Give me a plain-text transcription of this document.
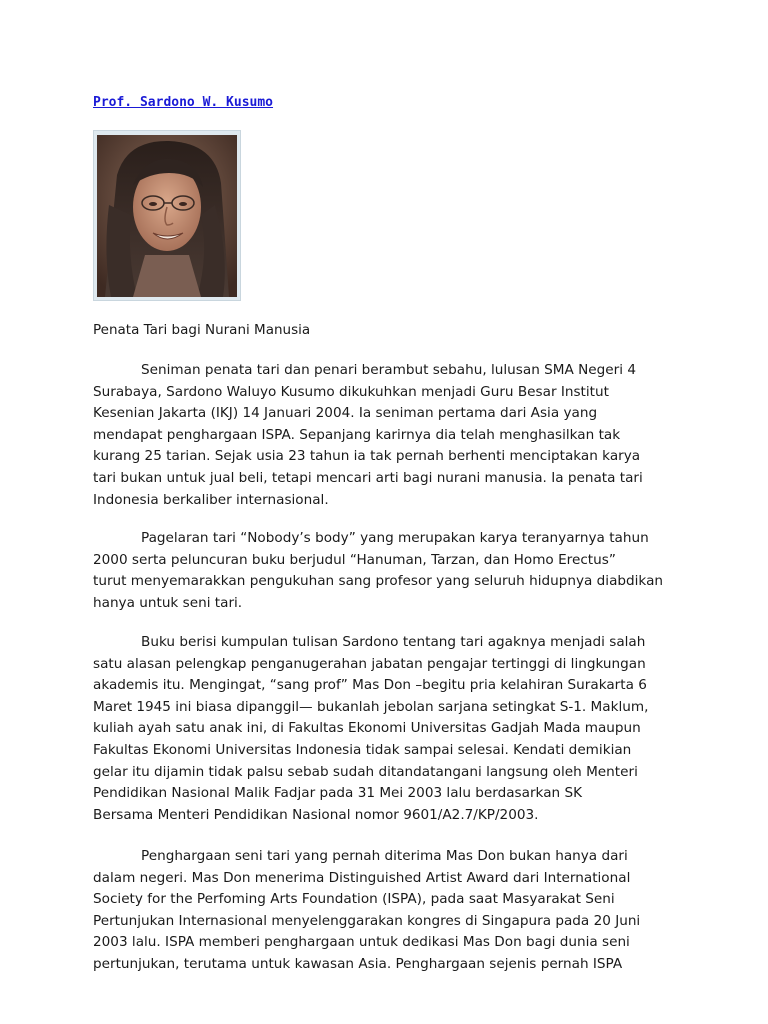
Prof. Sardono W. Kusumo
Penata Tari bagi Nurani Manusia
Seniman penata tari dan penari berambut sebahu, lulusan SMA Negeri 4
Surabaya, Sardono Waluyo Kusumo dikukuhkan menjadi Guru Besar Institut
Kesenian Jakarta (IKJ) 14 Januari 2004. Ia seniman pertama dari Asia yang
mendapat penghargaan ISPA. Sepanjang karirnya dia telah menghasilkan tak
kurang 25 tarian. Sejak usia 23 tahun ia tak pernah berhenti menciptakan karya
tari bukan untuk jual beli, tetapi mencari arti bagi nurani manusia. Ia penata tari
Indonesia berkaliber internasional.
Pagelaran tari “Nobody’s body” yang merupakan karya teranyarnya tahun
2000 serta peluncuran buku berjudul “Hanuman, Tarzan, dan Homo Erectus”
turut menyemarakkan pengukuhan sang profesor yang seluruh hidupnya diabdikan
hanya untuk seni tari.
Buku berisi kumpulan tulisan Sardono tentang tari agaknya menjadi salah
satu alasan pelengkap penganugerahan jabatan pengajar tertinggi di lingkungan
akademis itu. Mengingat, “sang prof” Mas Don –begitu pria kelahiran Surakarta 6
Maret 1945 ini biasa dipanggil— bukanlah jebolan sarjana setingkat S-1. Maklum,
kuliah ayah satu anak ini, di Fakultas Ekonomi Universitas Gadjah Mada maupun
Fakultas Ekonomi Universitas Indonesia tidak sampai selesai. Kendati demikian
gelar itu dijamin tidak palsu sebab sudah ditandatangani langsung oleh Menteri
Pendidikan Nasional Malik Fadjar pada 31 Mei 2003 lalu berdasarkan SK
Bersama Menteri Pendidikan Nasional nomor 9601/A2.7/KP/2003.
Penghargaan seni tari yang pernah diterima Mas Don bukan hanya dari
dalam negeri. Mas Don menerima Distinguished Artist Award dari International
Society for the Perfoming Arts Foundation (ISPA), pada saat Masyarakat Seni
Pertunjukan Internasional menyelenggarakan kongres di Singapura pada 20 Juni
2003 lalu. ISPA memberi penghargaan untuk dedikasi Mas Don bagi dunia seni
pertunjukan, terutama untuk kawasan Asia. Penghargaan sejenis pernah ISPA
